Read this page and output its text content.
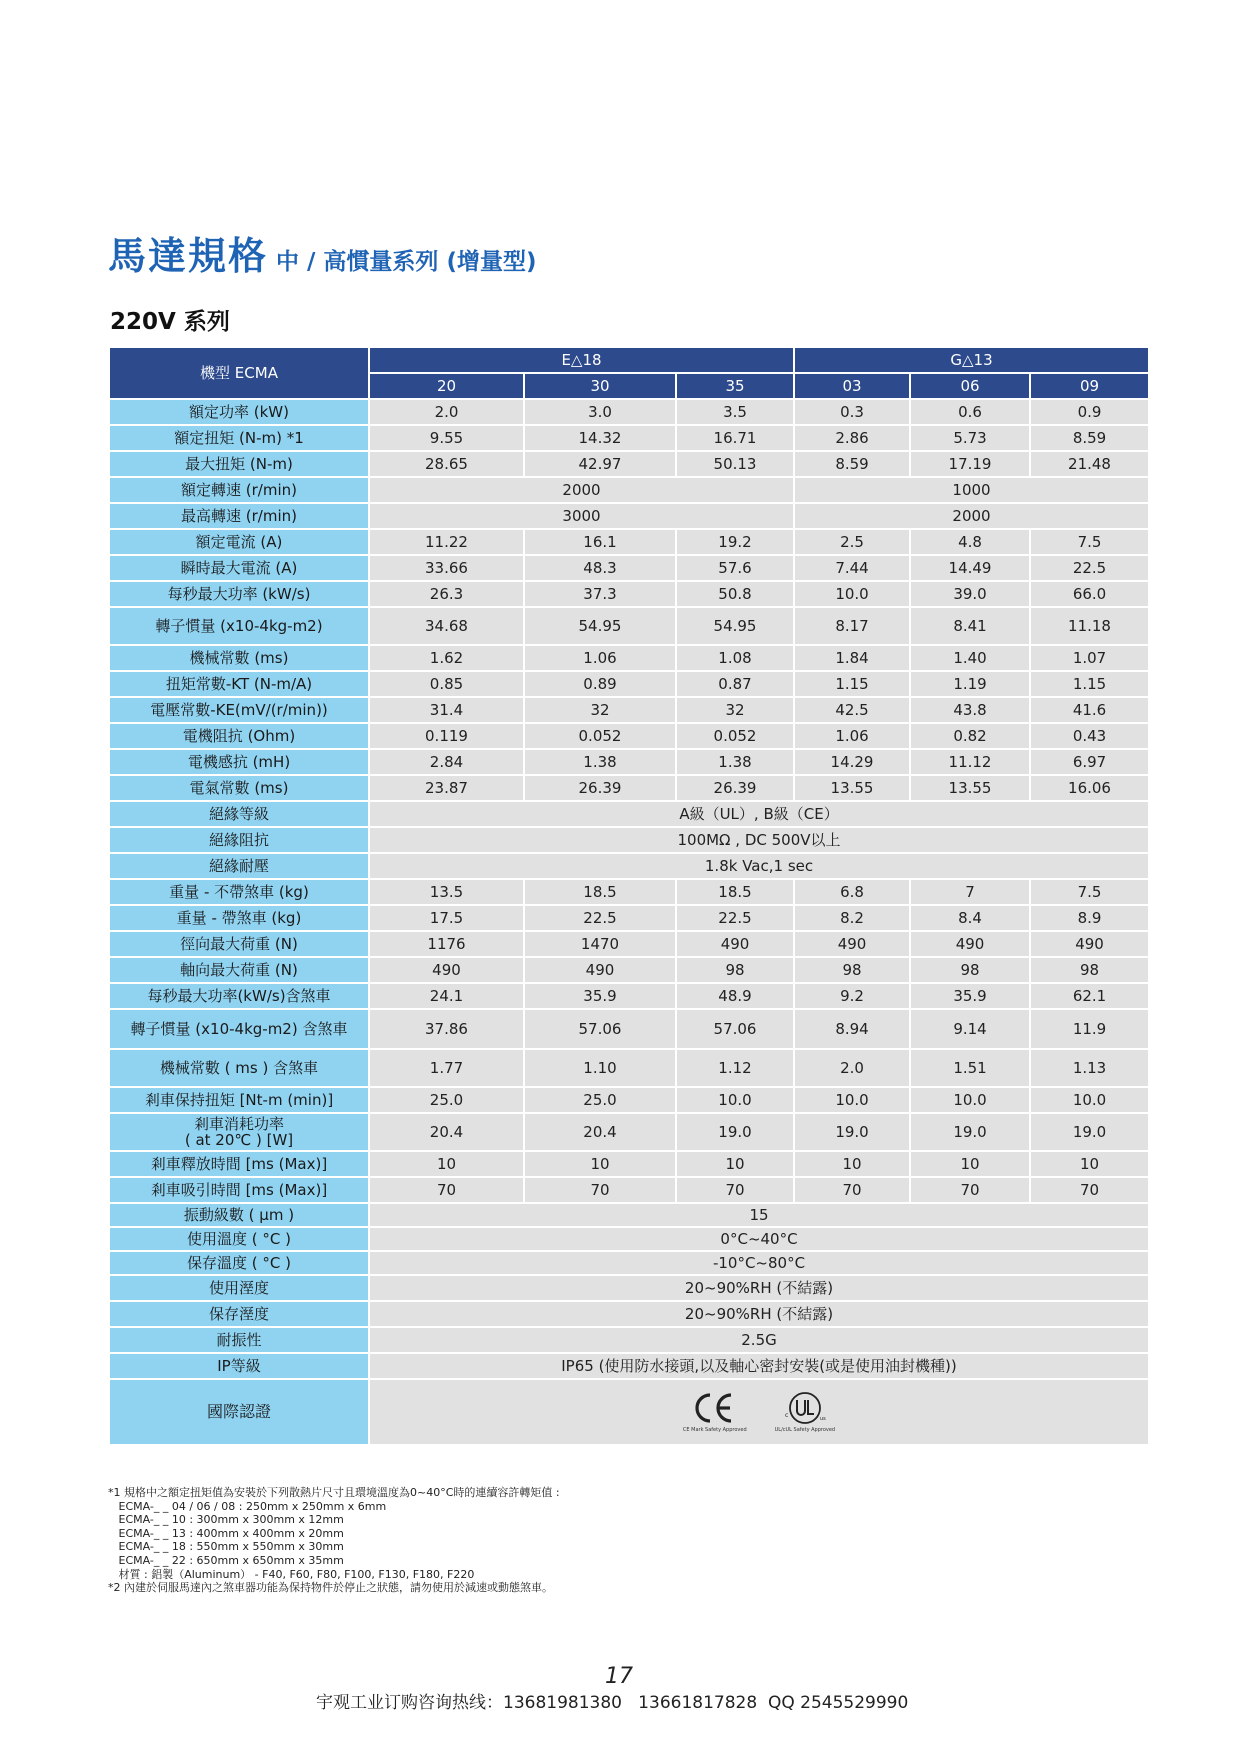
馬達規格 中 / 高慣量系列 (增量型)
220V 系列
機型 ECMA	E△18			G△13		
	20	30	35	03	06	09
額定功率 (kW)	2.0	3.0	3.5	0.3	0.6	0.9
額定扭矩 (N-m) *1	9.55	14.32	16.71	2.86	5.73	8.59
最大扭矩 (N-m)	28.65	42.97	50.13	8.59	17.19	21.48
額定轉速 (r/min)	2000			1000		
最高轉速 (r/min)	3000			2000		
額定電流 (A)	11.22	16.1	19.2	2.5	4.8	7.5
瞬時最大電流 (A)	33.66	48.3	57.6	7.44	14.49	22.5
每秒最大功率 (kW/s)	26.3	37.3	50.8	10.0	39.0	66.0
轉子慣量 (x10-4kg-m2)	34.68	54.95	54.95	8.17	8.41	11.18
機械常數 (ms)	1.62	1.06	1.08	1.84	1.40	1.07
扭矩常數-KT (N-m/A)	0.85	0.89	0.87	1.15	1.19	1.15
電壓常數-KE(mV/(r/min))	31.4	32	32	42.5	43.8	41.6
電機阻抗 (Ohm)	0.119	0.052	0.052	1.06	0.82	0.43
電機感抗 (mH)	2.84	1.38	1.38	14.29	11.12	6.97
電氣常數 (ms)	23.87	26.39	26.39	13.55	13.55	16.06
絕緣等級	A級（UL）, B級（CE）					
絕緣阻抗	100MΩ , DC 500V以上					
絕緣耐壓	1.8k Vac,1 sec					
重量 - 不帶煞車 (kg)	13.5	18.5	18.5	6.8	7	7.5
重量 - 帶煞車 (kg)	17.5	22.5	22.5	8.2	8.4	8.9
徑向最大荷重 (N)	1176	1470	490	490	490	490
軸向最大荷重 (N)	490	490	98	98	98	98
每秒最大功率(kW/s)含煞車	24.1	35.9	48.9	9.2	35.9	62.1
轉子慣量 (x10-4kg-m2) 含煞車	37.86	57.06	57.06	8.94	9.14	11.9
機械常數 ( ms ) 含煞車	1.77	1.10	1.12	2.0	1.51	1.13
剎車保持扭矩 [Nt-m (min)]	25.0	25.0	10.0	10.0	10.0	10.0
剎車消耗功率
( at 20℃ ) [W]	20.4	20.4	19.0	19.0	19.0	19.0
剎車釋放時間 [ms (Max)]	10	10	10	10	10	10
剎車吸引時間 [ms (Max)]	70	70	70	70	70	70
振動級數 ( μm )	15					
使用溫度 ( °C )	0°C~40°C					
保存溫度 ( °C )	-10°C~80°C					
使用溼度	20~90%RH (不結露)					
保存溼度	20~90%RH (不結露)					
耐振性	2.5G					
IP等級	IP65 (使用防水接頭,以及軸心密封安裝(或是使用油封機種))					
國際認證	CE Mark Safety Approved
c us
UL/cUL Safety Approved					
*1 規格中之額定扭矩值為安裝於下列散熱片尺寸且環境溫度為0~40°C時的連續容許轉矩值 :
ECMA-_ _ 04 / 06 / 08 : 250mm x 250mm x 6mm
ECMA-_ _ 10 : 300mm x 300mm x 12mm
ECMA-_ _ 13 : 400mm x 400mm x 20mm
ECMA-_ _ 18 : 550mm x 550mm x 30mm
ECMA-_ _ 22 : 650mm x 650mm x 35mm
材質 : 鋁製（Aluminum） - F40, F60, F80, F100, F130, F180, F220
*2 內建於伺服馬達內之煞車器功能為保持物件於停止之狀態，請勿使用於減速或動態煞車。
17
宇观工业订购咨询热线：13681981380   13661817828  QQ 2545529990
